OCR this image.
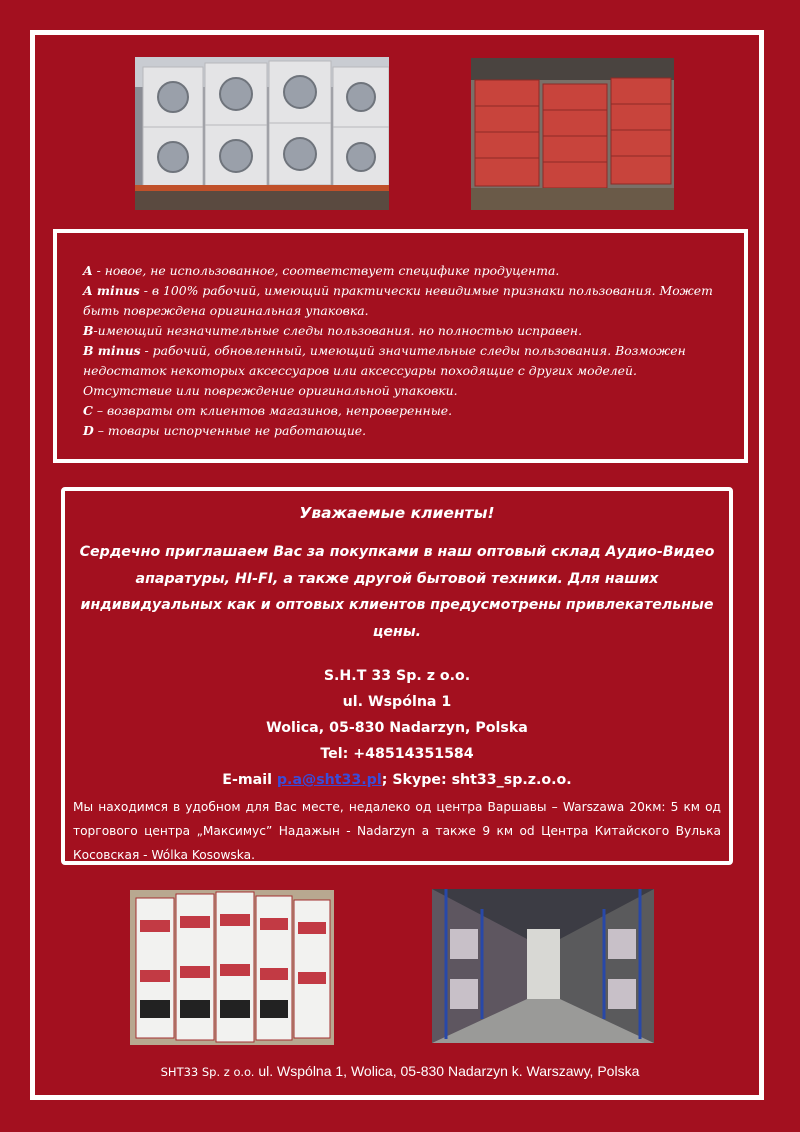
A - новое, не использованное, соответствует специфике продуцента.

A minus - в 100% рабочий, имеющий практически невидимые признаки пользования. Может быть повреждена оригинальная упаковка.

B-имеющий незначительные следы пользования. но полностью исправен.

B minus - рабочий, обновленный, имеющий значительные следы пользования. Возможен недостаток некоторых аксессуаров или аксессуары походящие с других моделей. Отсутствие или повреждение оригинальной упаковки.

C – возвраты от клиентов магазинов, непроверенные.

D – товары испорченные не работающие.

Уважаемые клиенты!
Сердечно приглашаем Вас за покупками в наш оптовый склад Аудио-Видео апаратуры, HI-FI, а также другой бытовой техники. Для наших индивидуальных как и оптовых клиентов предусмотрены привлекательные цены.
S.H.T 33 Sp. z o.o.
ul. Wspólna 1
Wolica, 05-830 Nadarzyn, Polska
Tel: +48514351584
E-mail p.a@sht33.pl; Skype: sht33_sp.z.o.o.
Мы находимся в удобном для Вас месте, недалеко од центра Варшавы – Warszawa 20км: 5 км од торгового центра „Максимус” Надажын - Nadarzyn а также 9 км od Центра Китайского Вулька Косовская - Wólka Kosowska.
SHT33 Sp. z o.o. ul. Wspólna 1, Wolica, 05-830 Nadarzyn k. Warszawy, Polska
